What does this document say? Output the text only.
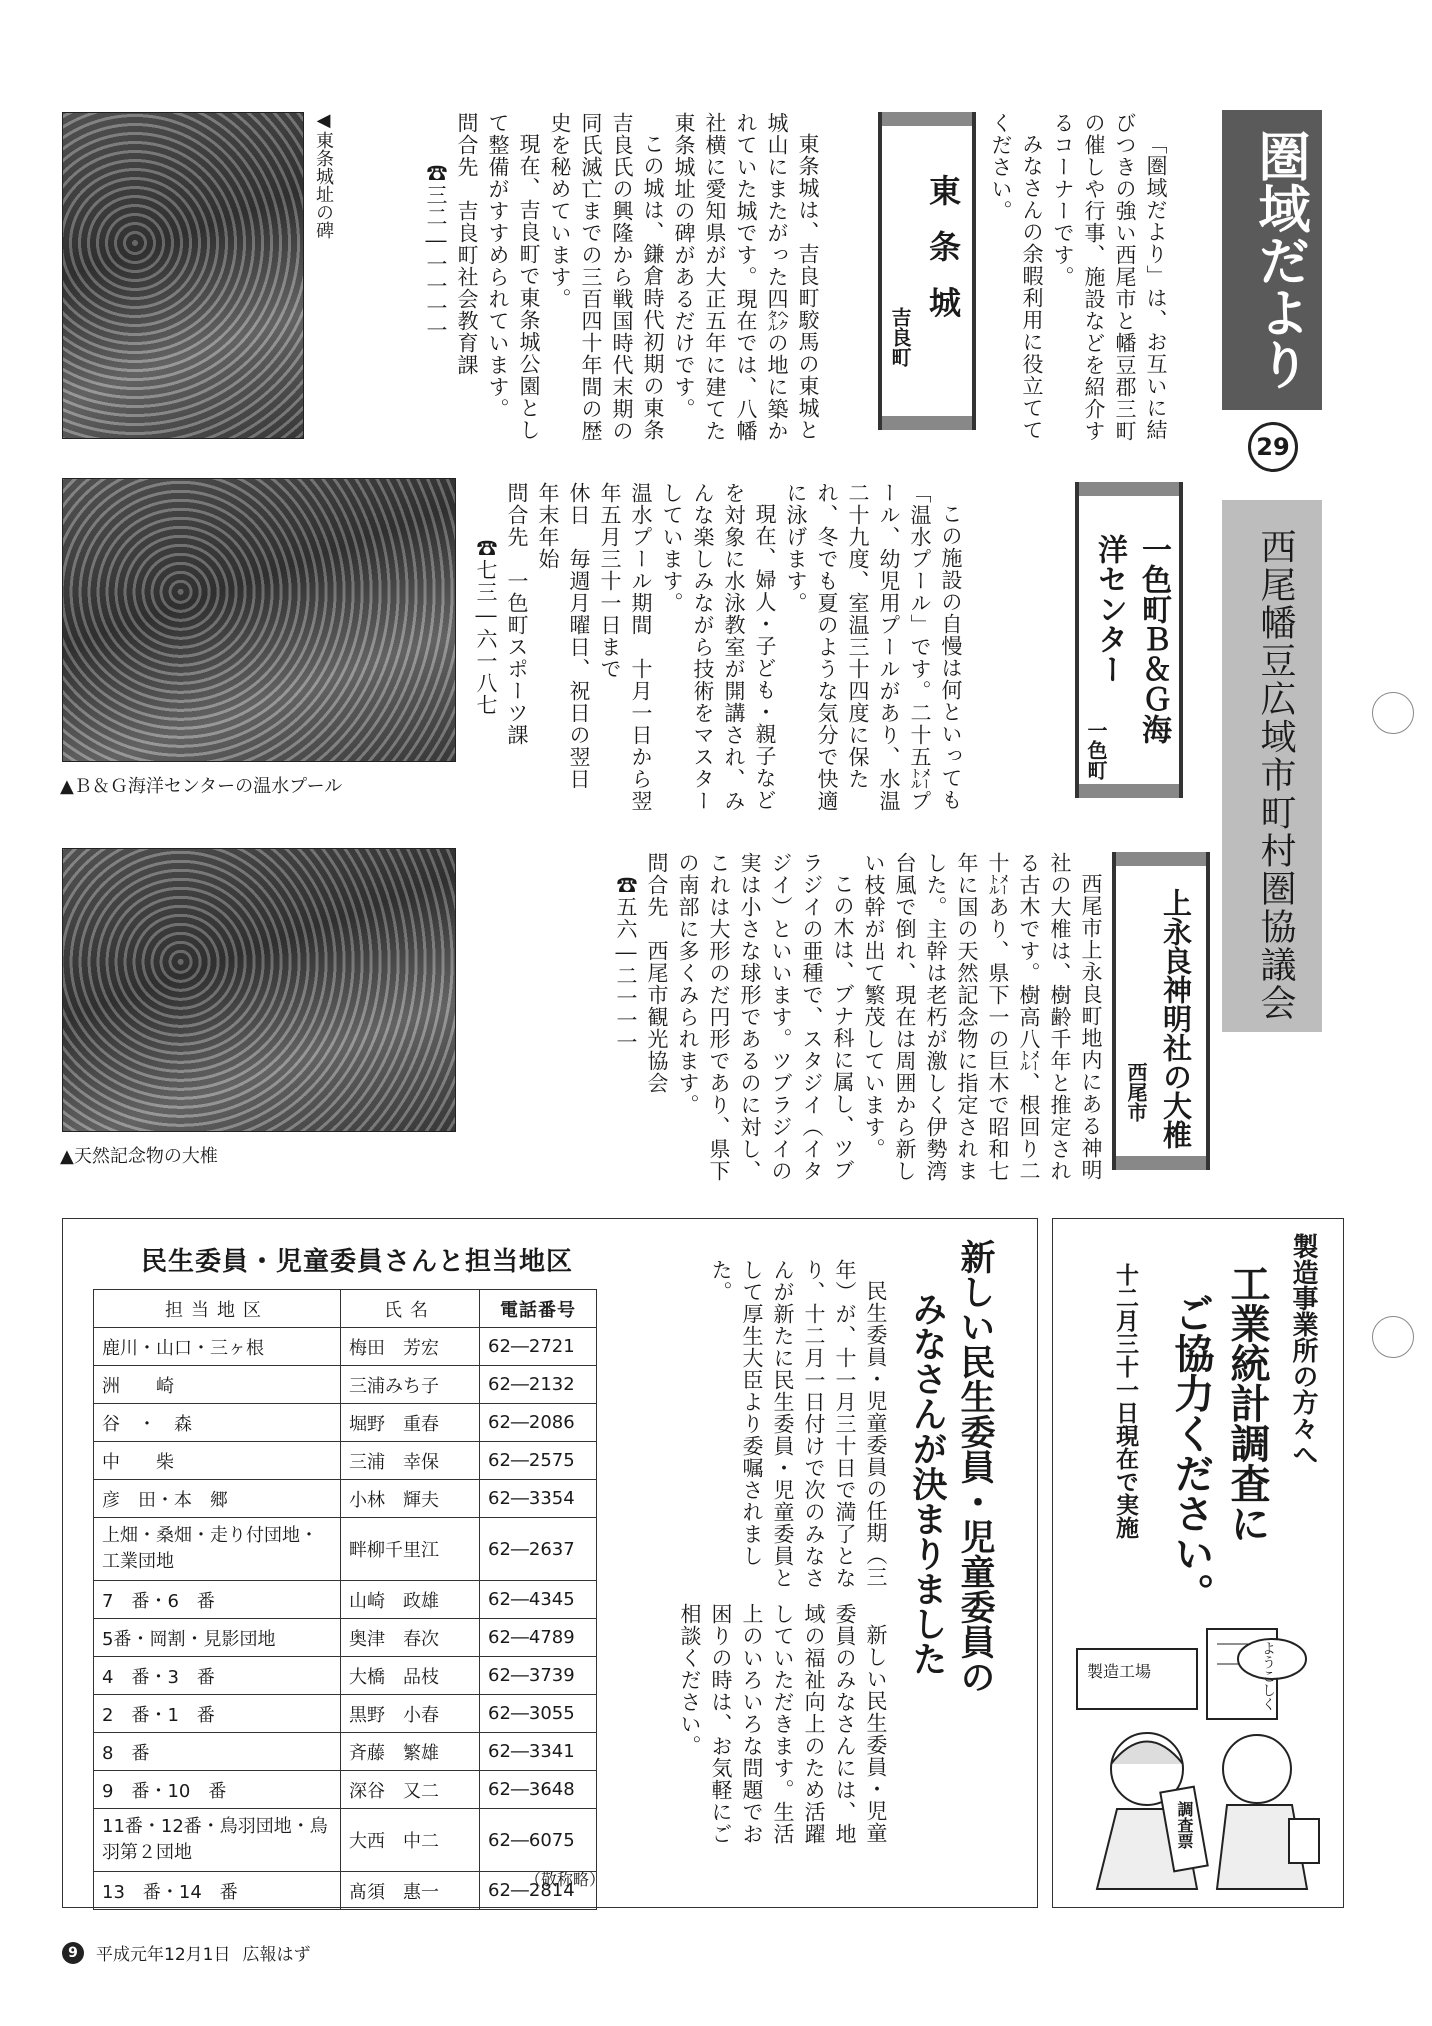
圏域だより
29
西尾幡豆広域市町村圏協議会

「圏域だより」は、お互いに結びつきの強い西尾市と幡豆郡三町の催しや行事、施設などを紹介するコーナーです。

みなさんの余暇利用に役立ててください。

東条城
吉良町

東条城は、吉良町駮馬の東城と城山にまたがった四㌶の地に築かれていた城です。現在では、八幡社横に愛知県が大正五年に建てた東条城址の碑があるだけです。

この城は、鎌倉時代初期の東条吉良氏の興隆から戦国時代末期の同氏滅亡までの三百四十年間の歴史を秘めています。

現在、吉良町で東条城公園として整備がすすめられています。

問合先　吉良町社会教育課 ☎三二―一一一一

◀東条城址の碑
▲Ｂ＆Ｇ海洋センターの温水プール
▲天然記念物の大椎
一色町Ｂ＆Ｇ海洋センター
一色町

この施設の自慢は何といっても「温水プール」です。二十五㍍プール、幼児用プールがあり、水温二十九度、室温三十四度に保たれ、冬でも夏のような気分で快適に泳げます。

現在、婦人・子ども・親子などを対象に水泳教室が開講され、みんな楽しみながら技術をマスターしています。

温水プール期間　十月一日から翌年五月三十一日まで

休日　毎週月曜日、祝日の翌日　年末年始

問合先　一色町スポーツ課

☎七三―六一八七

上永良神明社の大椎
西尾市

西尾市上永良町地内にある神明社の大椎は、樹齢千年と推定される古木です。樹高八㍍、根回り二十㍍あり、県下一の巨木で昭和七年に国の天然記念物に指定されました。主幹は老朽が激しく伊勢湾台風で倒れ、現在は周囲から新しい枝幹が出て繁茂しています。

この木は、ブナ科に属し、ツブラジイの亜種で、スタジイ（イタジイ）といいます。ツブラジイの実は小さな球形であるのに対し、これは大形のだ円形であり、県下の南部に多くみられます。

問合先　西尾市観光協会 ☎五六―二一一一

民生委員・児童委員さんと担当地区
担当地区	氏名	電話番号
鹿川・山口・三ヶ根	梅田　芳宏	62―2721
洲　　崎	三浦みち子	62―2132
谷　・　森	堀野　重春	62―2086
中　　柴	三浦　幸保	62―2575
彦　田・本　郷	小林　輝夫	62―3354
上畑・桑畑・走り付団地・工業団地	畔柳千里江	62―2637
7　番・6　番	山崎　政雄	62―4345
5番・岡割・見影団地	奥津　春次	62―4789
4　番・3　番	大橋　品枝	62―3739
2　番・1　番	黒野　小春	62―3055
8　番	斉藤　繁雄	62―3341
9　番・10　番	深谷　又二	62―3648
11番・12番・鳥羽団地・鳥羽第２団地	大西　中二	62―6075
13　番・14　番	髙須　惠一	62―2814
（敬称略）
新しい民生委員・児童委員の
みなさんが決まりました

民生委員・児童委員の任期（三年）が、十一月三十日で満了となり、十二月一日付けで次のみなさんが新たに民生委員・児童委員として厚生大臣より委嘱されました。

新しい民生委員・児童委員のみなさんには、地域の福祉向上のため活躍していただきます。生活上のいろいろな問題でお困りの時は、お気軽にご相談ください。

製造事業所の方々へ
工業統計調査に
ご協力ください。
十二月三十一日現在で実施
ようこしく
製造工場
調査票
9	平成元年12月1日 広報はず
